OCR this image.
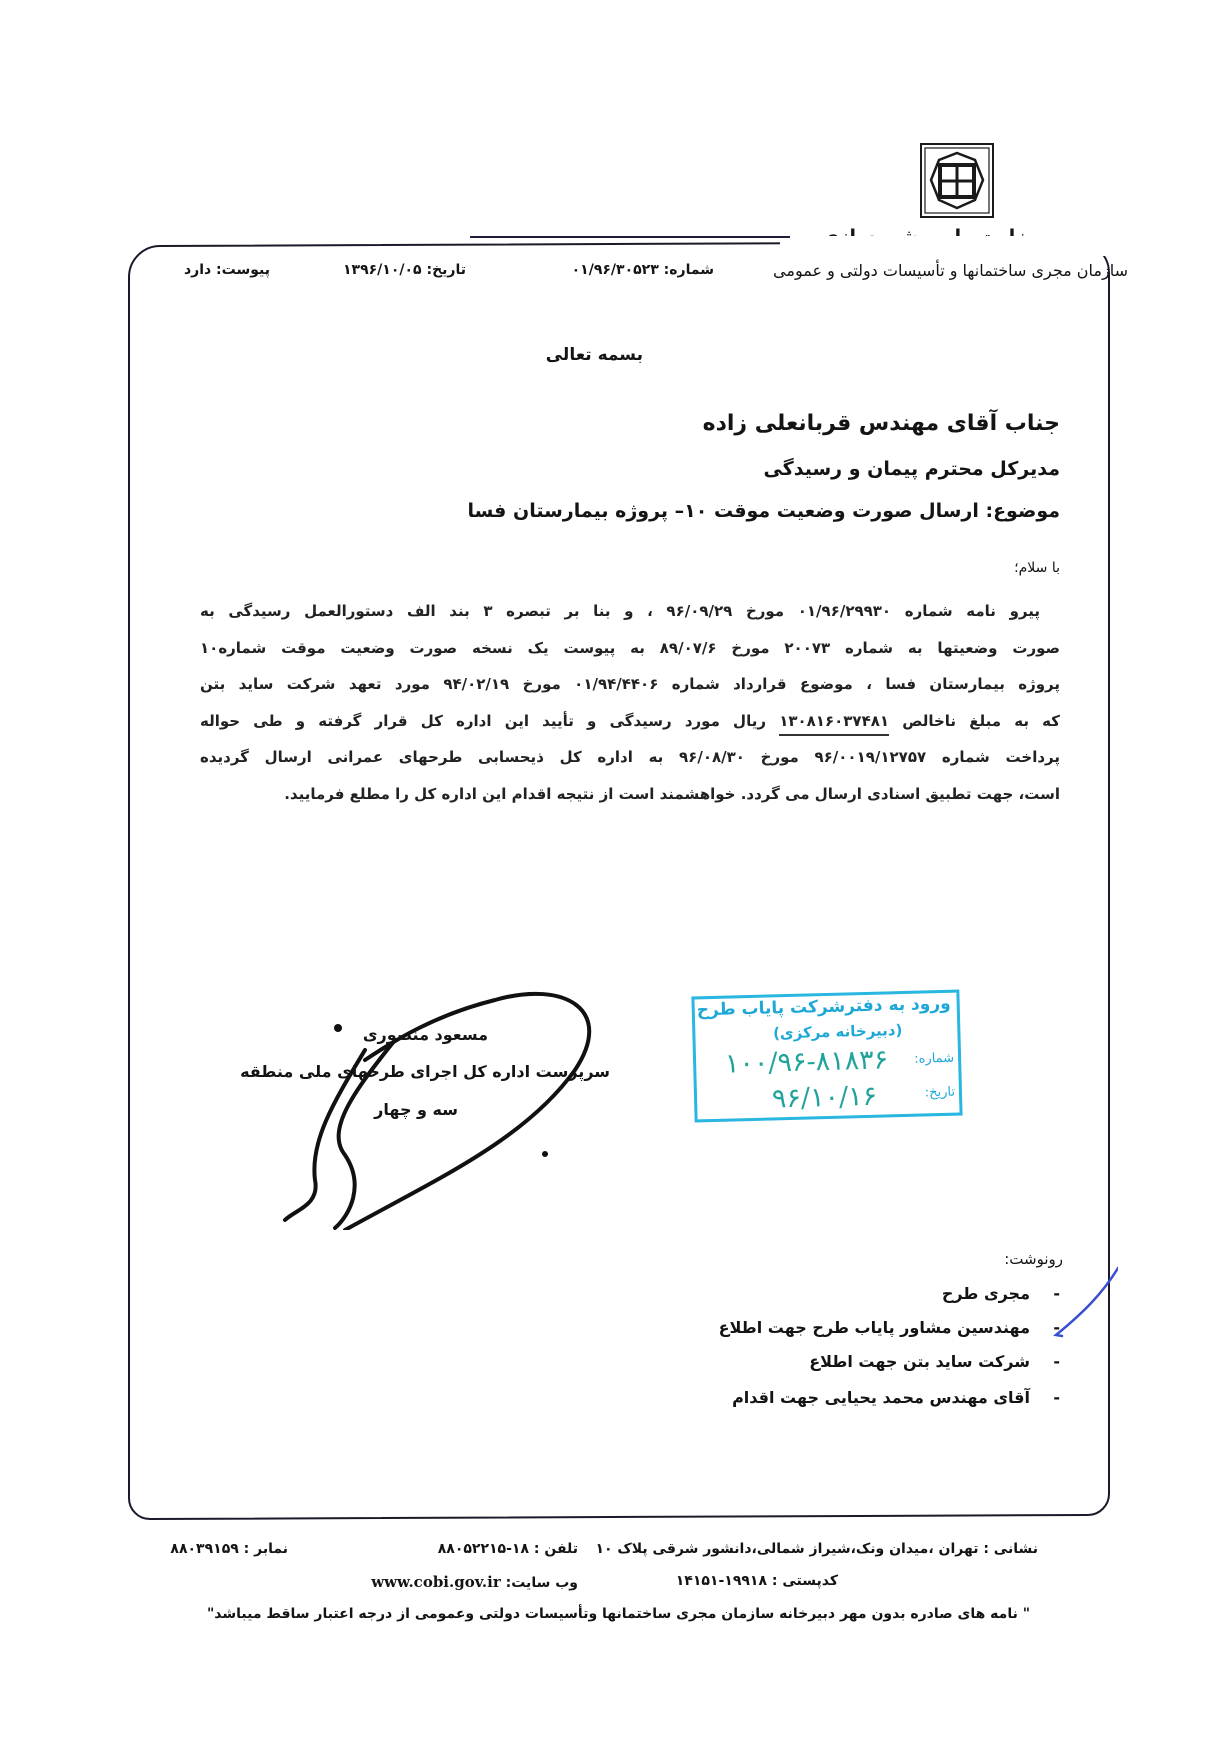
سازمان مجری ساختمانها و تأسیسات دولتی و عمومی
شماره: ۰۱/۹۶/۳۰۵۲۳
تاریخ: ۱۳۹۶/۱۰/۰۵
پیوست: دارد
بسمه تعالی
جناب آقای مهندس قربانعلی زاده
مدیرکل محترم پیمان و رسیدگی
موضوع: ارسال صورت وضعیت موقت ۱۰– پروژه بیمارستان فسا
با سلام؛
پیرو نامه شماره ۰۱/۹۶/۲۹۹۳۰ مورخ ۹۶/۰۹/۲۹ ، و بنا بر تبصره ۳ بند الف دستورالعمل رسیدگی به
صورت وضعیتها به شماره ۲۰۰۷۳ مورخ ۸۹/۰۷/۶ به پیوست یک نسخه صورت وضعیت موقت شماره۱۰
پروژه بیمارستان فسا ، موضوع قرارداد شماره ۰۱/۹۴/۴۴۰۶ مورخ ۹۴/۰۲/۱۹ مورد تعهد شرکت ساید بتن
که به مبلغ ناخالص ۱۳۰۸۱۶۰۳۷۴۸۱ ریال مورد رسیدگی و تأیید این اداره کل قرار گرفته و طی حواله
پرداخت شماره ۹۶/۰۰۱۹/۱۲۷۵۷ مورخ ۹۶/۰۸/۳۰ به اداره کل ذیحسابی طرحهای عمرانی ارسال گردیده
است، جهت تطبیق اسنادی ارسال می گردد. خواهشمند است از نتیجه اقدام این اداره کل را مطلع فرمایید.
مسعود منصوری
سرپرست اداره کل اجرای طرحهای ملی منطقه
سه و چهار
ورود به دفترشرکت پایاب طرح
(دبیرخانه مرکزی)
شماره:
۱۰۰/۹۶-۸۱۸۳۶
تاریخ:
۹۶/۱۰/۱۶
رونوشت:
-
مجری طرح
-
مهندسین مشاور پایاب طرح جهت اطلاع
-
شرکت ساید بتن جهت اطلاع
-
آقای مهندس محمد یحیایی جهت اقدام
نشانی : تهران ،میدان ونک،شیراز شمالی،دانشور شرقی پلاک ۱۰
کدپستی : ۱۹۹۱۸-۱۴۱۵۱
تلفن : ۱۸-۸۸۰۵۲۲۱۵
وب سایت: www.cobi.gov.ir
نمابر : ۸۸۰۳۹۱۵۹
" نامه های صادره بدون مهر دبیرخانه سازمان مجری ساختمانها وتأسیسات دولتی وعمومی از درجه اعتبار ساقط میباشد"
